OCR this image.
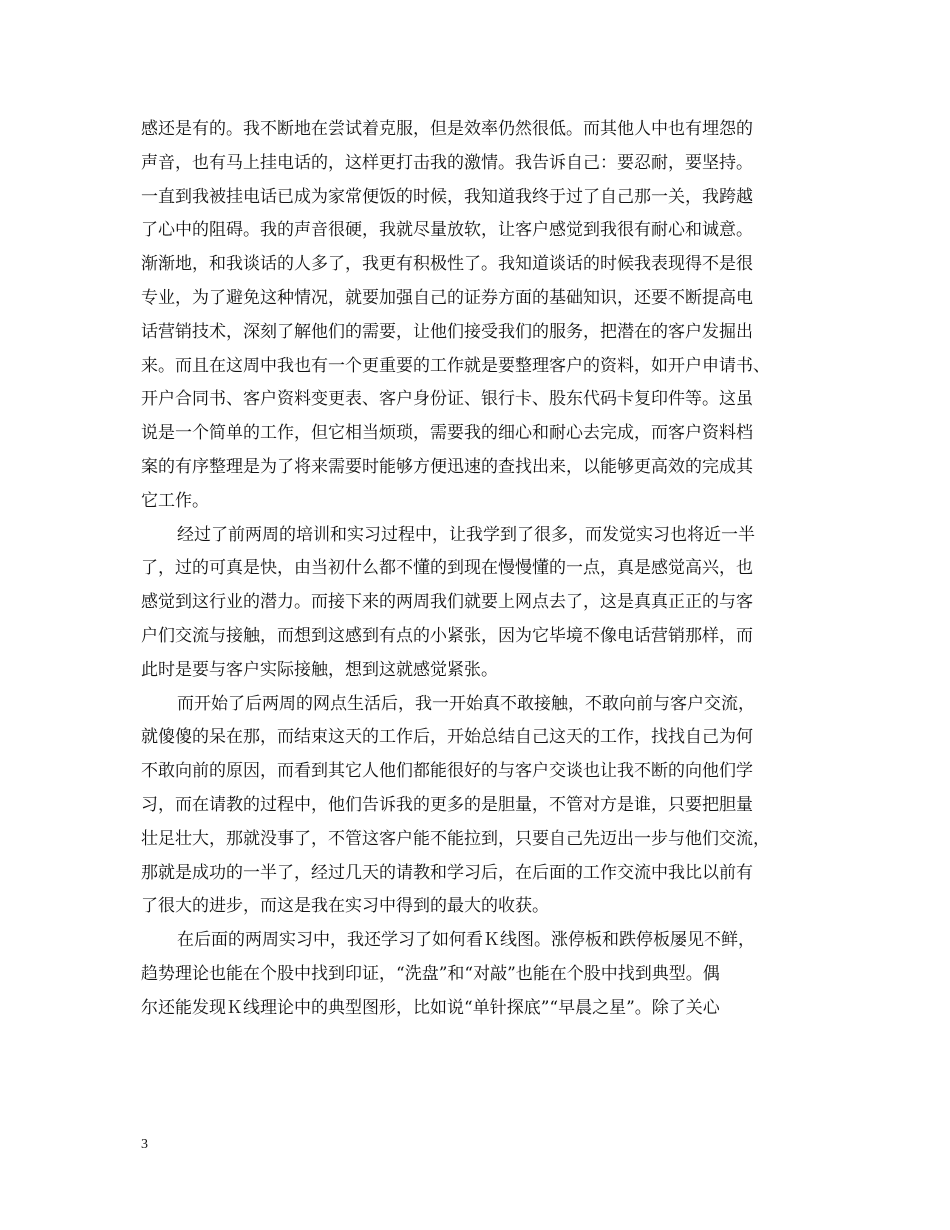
感还是有的。我不断地在尝试着克服，但是效率仍然很低。而其他人中也有埋怨的
声音，也有马上挂电话的，这样更打击我的激情。我告诉自己：要忍耐，要坚持。
一直到我被挂电话已成为家常便饭的时候，我知道我终于过了自己那一关，我跨越
了心中的阻碍。我的声音很硬，我就尽量放软，让客户感觉到我很有耐心和诚意。
渐渐地，和我谈话的人多了，我更有积极性了。我知道谈话的时候我表现得不是很
专业，为了避免这种情况，就要加强自己的证券方面的基础知识，还要不断提高电
话营销技术，深刻了解他们的需要，让他们接受我们的服务，把潜在的客户发掘出
来。而且在这周中我也有一个更重要的工作就是要整理客户的资料，如开户申请书、
开户合同书、客户资料变更表、客户身份证、银行卡、股东代码卡复印件等。这虽
说是一个简单的工作，但它相当烦琐，需要我的细心和耐心去完成，而客户资料档
案的有序整理是为了将来需要时能够方便迅速的查找出来，以能够更高效的完成其
它工作。
经过了前两周的培训和实习过程中，让我学到了很多，而发觉实习也将近一半
了，过的可真是快，由当初什么都不懂的到现在慢慢懂的一点，真是感觉高兴，也
感觉到这行业的潜力。而接下来的两周我们就要上网点去了，这是真真正正的与客
户们交流与接触，而想到这感到有点的小紧张，因为它毕境不像电话营销那样，而
此时是要与客户实际接触，想到这就感觉紧张。
而开始了后两周的网点生活后，我一开始真不敢接触，不敢向前与客户交流，
就傻傻的呆在那，而结束这天的工作后，开始总结自己这天的工作，找找自己为何
不敢向前的原因，而看到其它人他们都能很好的与客户交谈也让我不断的向他们学
习，而在请教的过程中，他们告诉我的更多的是胆量，不管对方是谁，只要把胆量
壮足壮大，那就没事了，不管这客户能不能拉到，只要自己先迈出一步与他们交流，
那就是成功的一半了，经过几天的请教和学习后，在后面的工作交流中我比以前有
了很大的进步，而这是我在实习中得到的最大的收获。
在后面的两周实习中，我还学习了如何看Ｋ线图。涨停板和跌停板屡见不鲜，
趋势理论也能在个股中找到印证，“洗盘”和“对敲”也能在个股中找到典型。偶
尔还能发现Ｋ线理论中的典型图形，比如说“单针探底”“早晨之星”。除了关心
3
